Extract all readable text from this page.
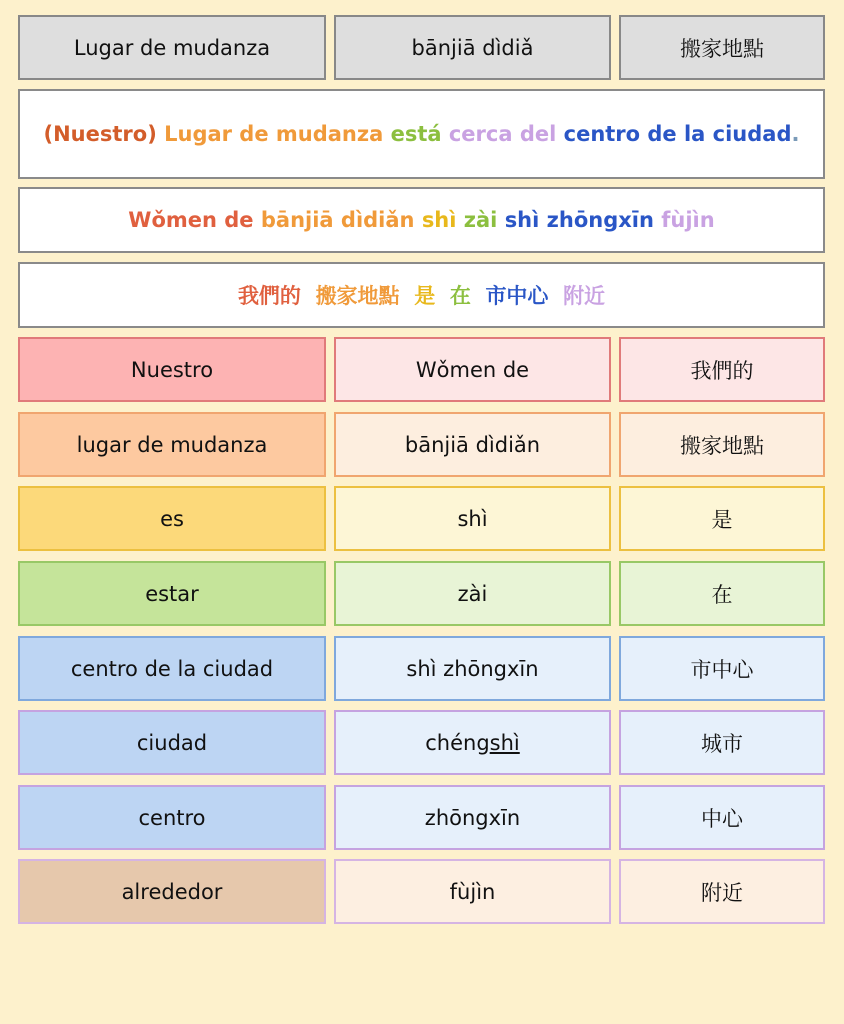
Lugar de mudanza	bānjiā dìdiǎ	搬家地點
(Nuestro)
Lugar de mudanza
está
cerca del
centro de la ciudad .
Wǒmen de
bānjiā dìdiǎn
shì
zài
shì zhōngxīn
fùjìn
我們的
搬家地點
是
在
市中心
附近
Nuestro	Wǒmen de	我們的
lugar de mudanza	bānjiā dìdiǎn	搬家地點
es	shì	是
estar	zài	在
centro de la ciudad	shì zhōngxīn	市中心
ciudad	chéng shì	城市
centro	zhōngxīn	中心
alrededor	fùjìn	附近
